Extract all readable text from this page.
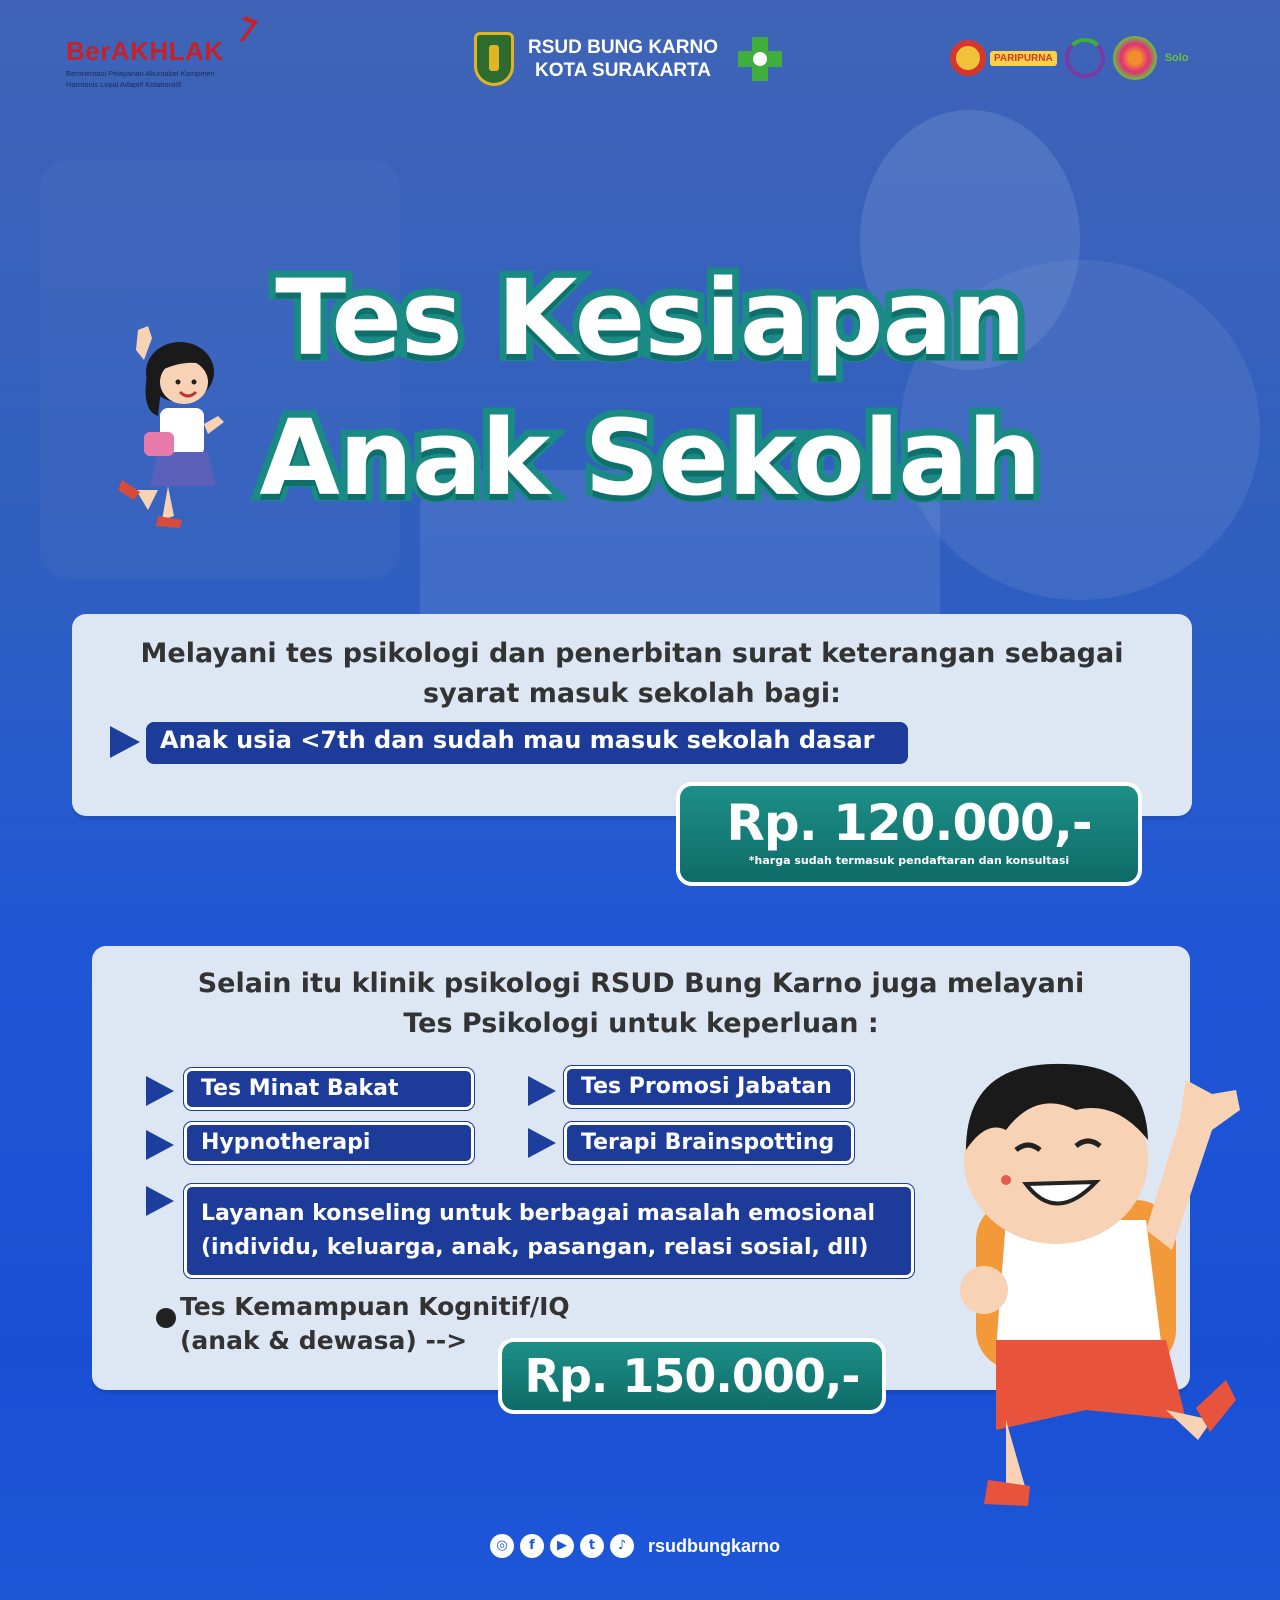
BerAKHLAK
Berorientasi Pelayanan Akuntabel Kompeten
Harmonis Loyal Adaptif Kolaboratif
RSUD BUNG KARNO
KOTA SURAKARTA
PARIPURNA	Solo
Tes Kesiapan
Anak Sekolah
Melayani tes psikologi dan penerbitan surat keterangan sebagai
syarat masuk sekolah bagi:
Anak usia <7th dan sudah mau masuk sekolah dasar
Rp. 120.000,-
*harga sudah termasuk pendaftaran dan konsultasi
Selain itu klinik psikologi RSUD Bung Karno juga melayani
Tes Psikologi untuk keperluan :
Tes Minat Bakat	Tes Promosi Jabatan
Hypnotherapi	Terapi Brainspotting
Layanan konseling untuk berbagai masalah emosional
(individu, keluarga, anak, pasangan, relasi sosial, dll)
Tes Kemampuan Kognitif/IQ
(anak & dewasa) -->
Rp. 150.000,-
◎	f	▶	t	♪	rsudbungkarno
